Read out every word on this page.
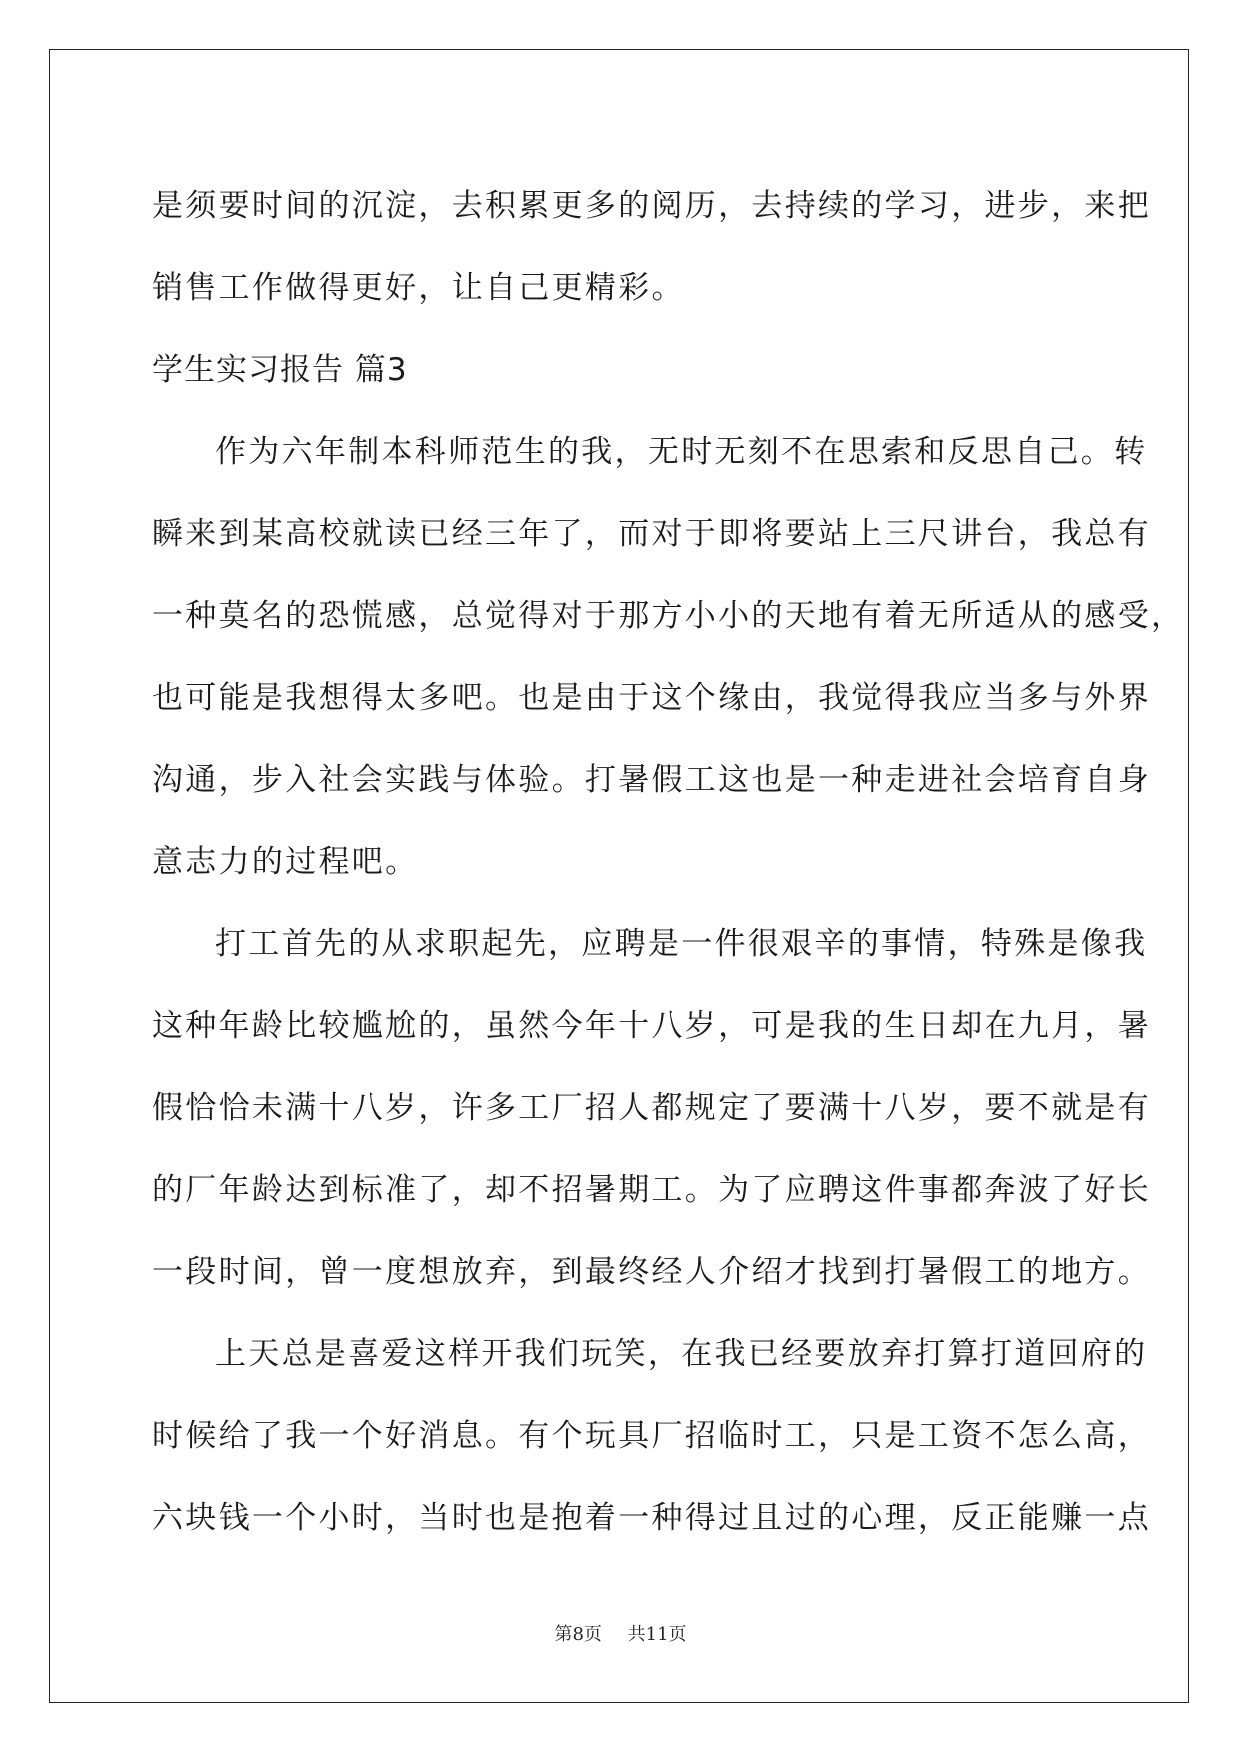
是须要时间的沉淀，去积累更多的阅历，去持续的学习，进步，来把

销售工作做得更好，让自己更精彩。

学生实习报告 篇3

作为六年制本科师范生的我，无时无刻不在思索和反思自己。转

瞬来到某高校就读已经三年了，而对于即将要站上三尺讲台，我总有

一种莫名的恐慌感，总觉得对于那方小小的天地有着无所适从的感受，

也可能是我想得太多吧。也是由于这个缘由，我觉得我应当多与外界

沟通，步入社会实践与体验。打暑假工这也是一种走进社会培育自身

意志力的过程吧。

打工首先的从求职起先，应聘是一件很艰辛的事情，特殊是像我

这种年龄比较尴尬的，虽然今年十八岁，可是我的生日却在九月，暑

假恰恰未满十八岁，许多工厂招人都规定了要满十八岁，要不就是有

的厂年龄达到标准了，却不招暑期工。为了应聘这件事都奔波了好长

一段时间，曾一度想放弃，到最终经人介绍才找到打暑假工的地方。

上天总是喜爱这样开我们玩笑，在我已经要放弃打算打道回府的

时候给了我一个好消息。有个玩具厂招临时工，只是工资不怎么高，

六块钱一个小时，当时也是抱着一种得过且过的心理，反正能赚一点

第8页 共11页
